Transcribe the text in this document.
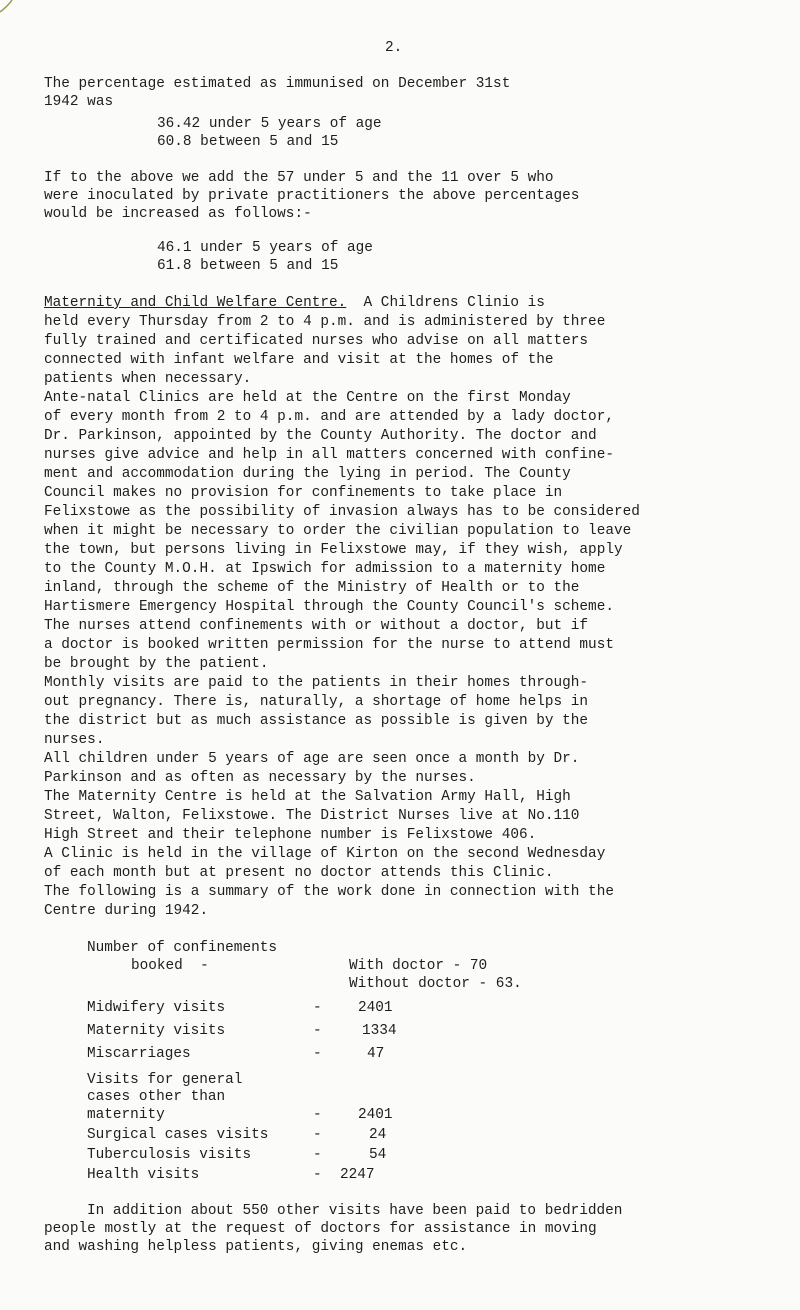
2.
The percentage estimated as immunised on December 31st
1942 was
36.42 under 5 years of age
60.8 between 5 and 15
If to the above we add the 57 under 5 and the 11 over 5 who
were inoculated by private practitioners the above percentages
would be increased as follows:-
46.1 under 5 years of age
61.8 between 5 and 15
Maternity and Child Welfare Centre.  A Childrens Clinio is
held every Thursday from 2 to 4 p.m. and is administered by three
fully trained and certificated nurses who advise on all matters
connected with infant welfare and visit at the homes of the
patients when necessary.
Ante-natal Clinics are held at the Centre on the first Monday
of every month from 2 to 4 p.m. and are attended by a lady doctor,
Dr. Parkinson, appointed by the County Authority. The doctor and
nurses give advice and help in all matters concerned with confine-
ment and accommodation during the lying in period. The County
Council makes no provision for confinements to take place in
Felixstowe as the possibility of invasion always has to be considered
when it might be necessary to order the civilian population to leave
the town, but persons living in Felixstowe may, if they wish, apply
to the County M.O.H. at Ipswich for admission to a maternity home
inland, through the scheme of the Ministry of Health or to the
Hartismere Emergency Hospital through the County Council's scheme.
The nurses attend confinements with or without a doctor, but if
a doctor is booked written permission for the nurse to attend must
be brought by the patient.
Monthly visits are paid to the patients in their homes through-
out pregnancy. There is, naturally, a shortage of home helps in
the district but as much assistance as possible is given by the
nurses.
All children under 5 years of age are seen once a month by Dr.
Parkinson and as often as necessary by the nurses.
The Maternity Centre is held at the Salvation Army Hall, High
Street, Walton, Felixstowe. The District Nurses live at No.110
High Street and their telephone number is Felixstowe 406.
A Clinic is held in the village of Kirton on the second Wednesday
of each month but at present no doctor attends this Clinic.
The following is a summary of the work done in connection with the
Centre during 1942.
Number of confinements
booked  -	With doctor - 70
Without doctor - 63.
Midwifery visits	-	2401
Maternity visits	-	1334
Miscarriages	-	47
Visits for general
cases other than
maternity	-	2401
Surgical cases visits	-	24
Tuberculosis visits	-	54
Health visits	- 2247
In addition about 550 other visits have been paid to bedridden
people mostly at the request of doctors for assistance in moving
and washing helpless patients, giving enemas etc.
